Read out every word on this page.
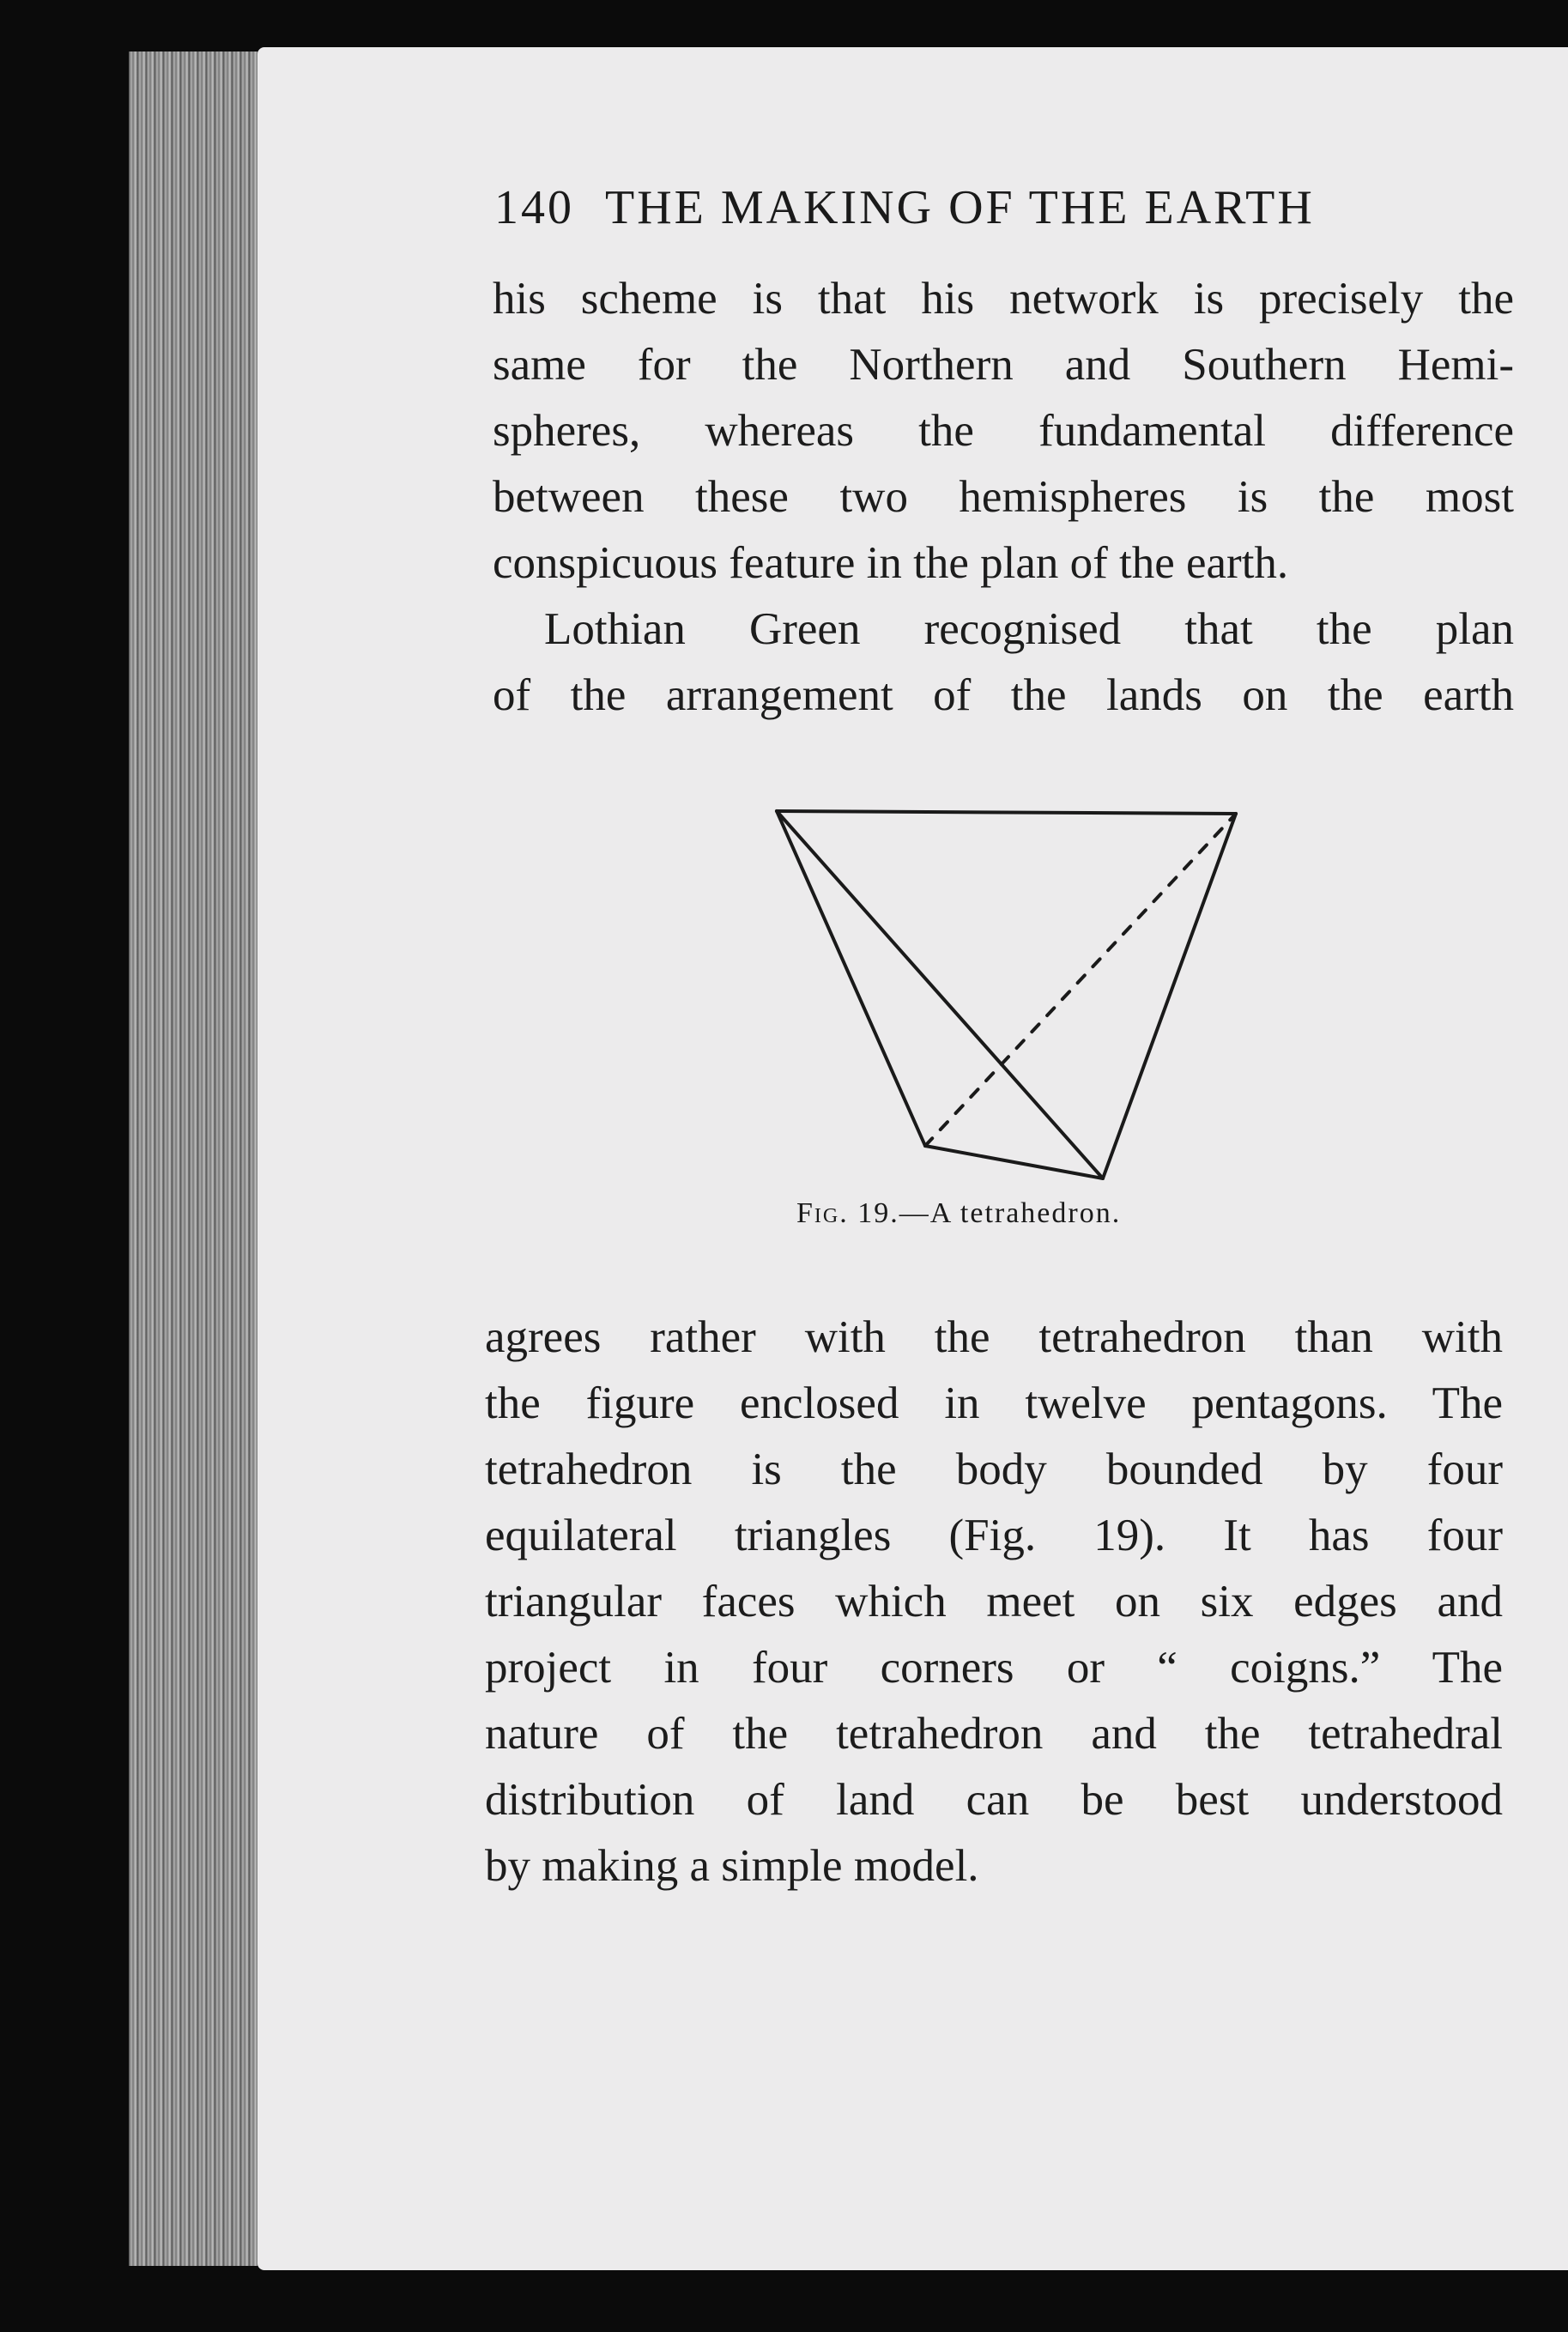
140 THE MAKING OF THE EARTH
his scheme is that his network is precisely the
same for the Northern and Southern Hemi-
spheres, whereas the fundamental difference
between these two hemispheres is the most
conspicuous feature in the plan of the earth.
Lothian Green recognised that the plan
of the arrangement of the lands on the earth
Fig. 19.—A tetrahedron.
agrees rather with the tetrahedron than with
the figure enclosed in twelve pentagons. The
tetrahedron is the body bounded by four
equilateral triangles (Fig. 19). It has four
triangular faces which meet on six edges and
project in four corners or “ coigns.” The
nature of the tetrahedron and the tetrahedral
distribution of land can be best understood
by making a simple model.
